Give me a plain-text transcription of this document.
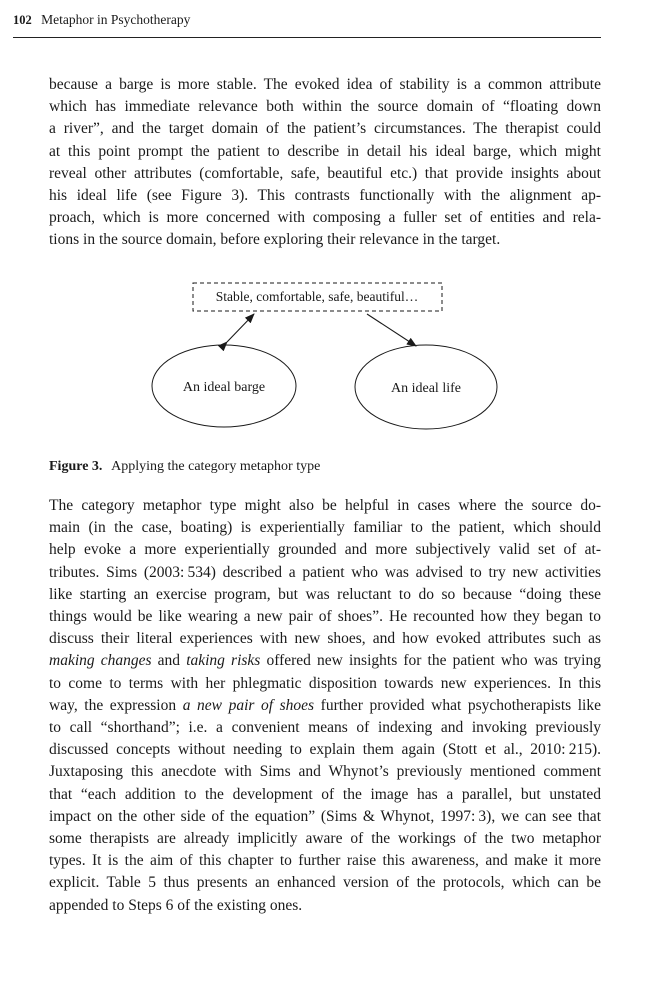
102 Metaphor in Psychotherapy

because a barge is more stable. The evoked idea of stability is a common attribute
which has immediate relevance both within the source domain of “floating down
a river”, and the target domain of the patient’s circumstances. The therapist could
at this point prompt the patient to describe in detail his ideal barge, which might
reveal other attributes (comfortable, safe, beautiful etc.) that provide insights about
his ideal life (see Figure 3). This contrasts functionally with the alignment ap-
proach, which is more concerned with composing a fuller set of entities and rela-
tions in the source domain, before exploring their relevance in the target.

Stable, comfortable, safe, beautiful…
An ideal barge	An ideal life
Figure 3. Applying the category metaphor type

The category metaphor type might also be helpful in cases where the source do-
main (in the case, boating) is experientially familiar to the patient, which should
help evoke a more experientially grounded and more subjectively valid set of at-
tributes. Sims (2003: 534) described a patient who was advised to try new activities
like starting an exercise program, but was reluctant to do so because “doing these
things would be like wearing a new pair of shoes”. He recounted how they began to
discuss their literal experiences with new shoes, and how evoked attributes such as
making changes and taking risks offered new insights for the patient who was trying
to come to terms with her phlegmatic disposition towards new experiences. In this
way, the expression a new pair of shoes further provided what psychotherapists like
to call “shorthand”; i.e. a convenient means of indexing and invoking previously
discussed concepts without needing to explain them again (Stott et al., 2010: 215).
Juxtaposing this anecdote with Sims and Whynot’s previously mentioned comment
that “each addition to the development of the image has a parallel, but unstated
impact on the other side of the equation” (Sims & Whynot, 1997: 3), we can see that
some therapists are already implicitly aware of the workings of the two metaphor
types. It is the aim of this chapter to further raise this awareness, and make it more
explicit. Table 5 thus presents an enhanced version of the protocols, which can be
appended to Steps 6 of the existing ones.
